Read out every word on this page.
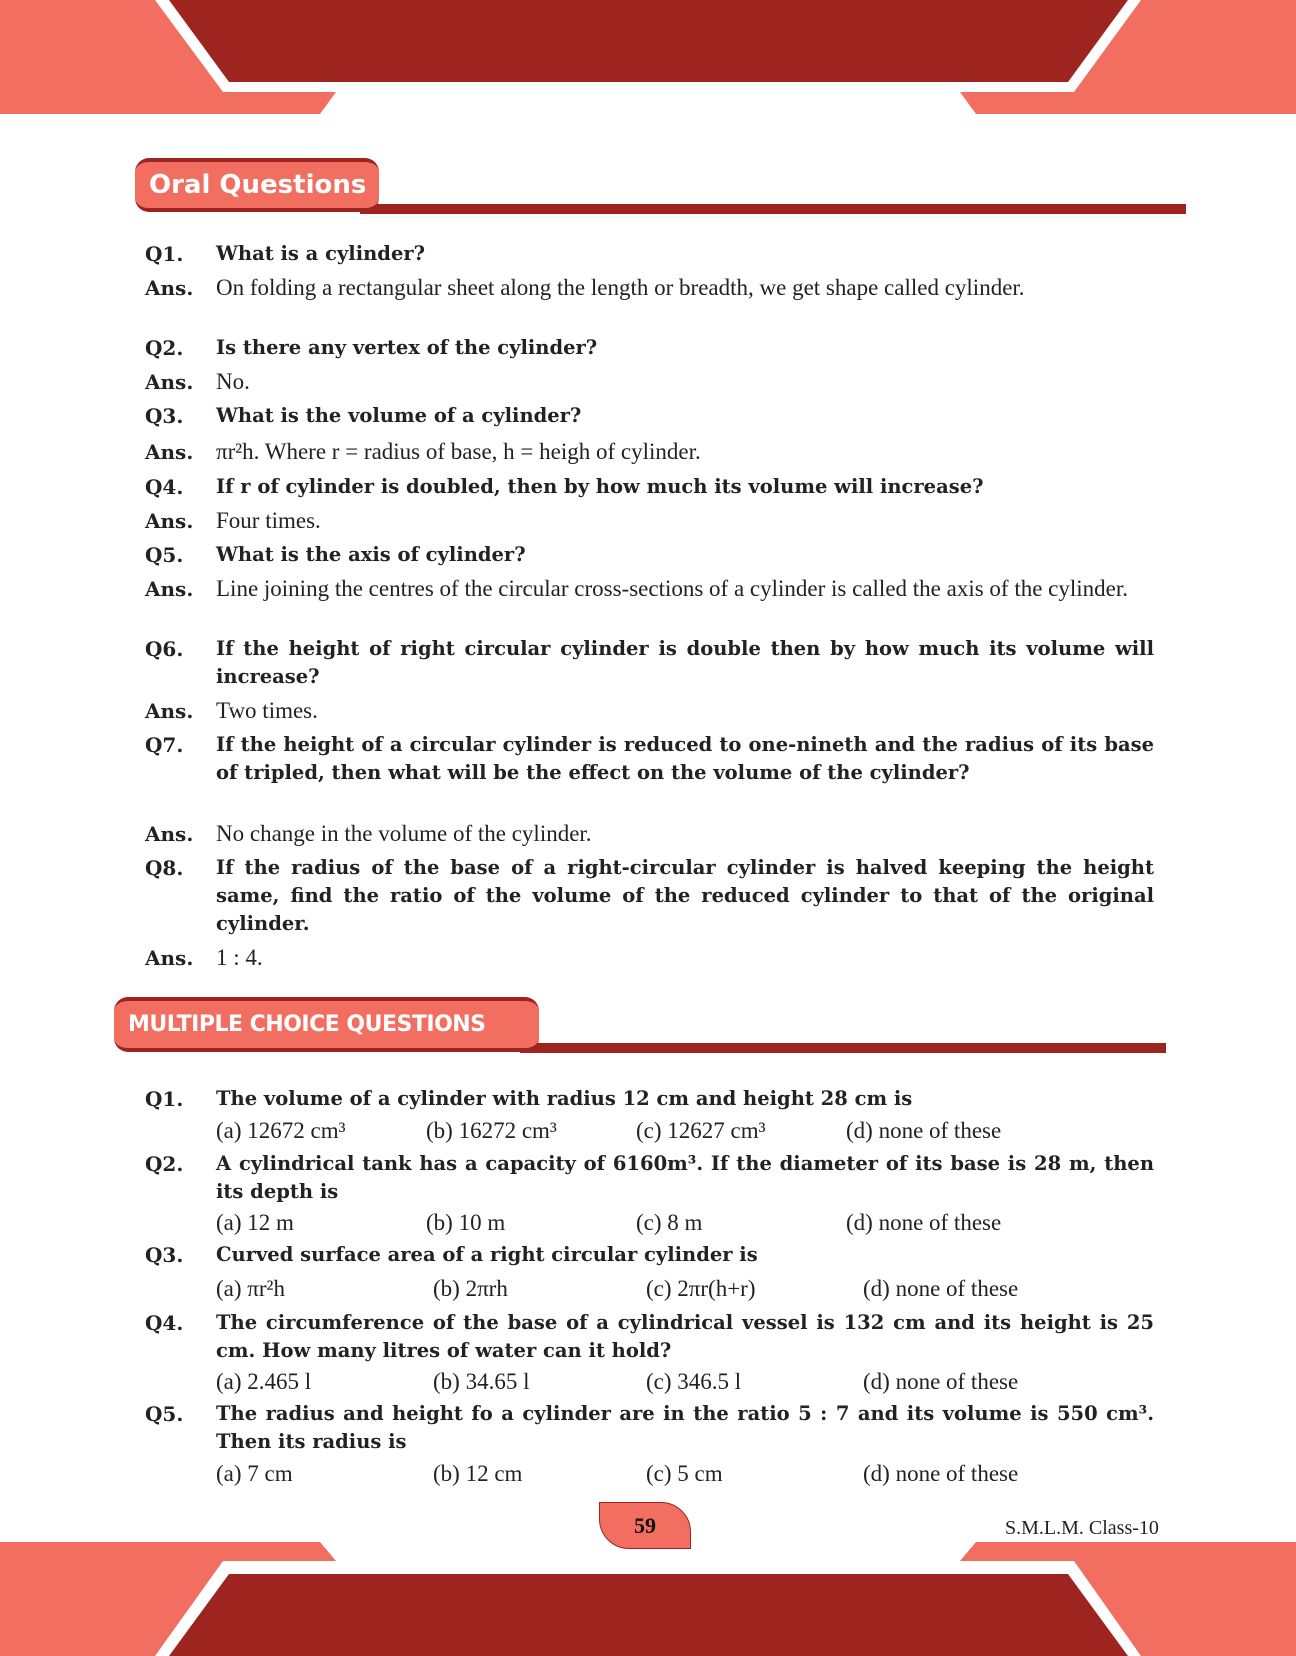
Oral Questions
MULTIPLE CHOICE QUESTIONS
Q1. What is a cylinder?
Ans. On folding a rectangular sheet along the length or breadth, we get shape called cylinder.
Q2. Is there any vertex of the cylinder?
Ans. No.
Q3. What is the volume of a cylinder?
Ans. πr²h. Where r = radius of base, h = heigh of cylinder.
Q4. If r of cylinder is doubled, then by how much its volume will increase?
Ans. Four times.
Q5. What is the axis of cylinder?
Ans. Line joining the centres of the circular cross-sections of a cylinder is called the axis of the cylinder.
Q6. If the height of right circular cylinder is double then by how much its volume will increase?
Ans. Two times.
Q7. If the height of a circular cylinder is reduced to one-nineth and the radius of its base of tripled, then what will be the effect on the volume of the cylinder?
Ans. No change in the volume of the cylinder.
Q8. If the radius of the base of a right-circular cylinder is halved keeping the height same, find the ratio of the volume of the reduced cylinder to that of the original cylinder.
Ans. 1 : 4.
Q1. The volume of a cylinder with radius 12 cm and height 28 cm is
(a) 12672 cm³	(b) 16272 cm³	(c) 12627 cm³	(d) none of these
Q2. A cylindrical tank has a capacity of 6160m³. If the diameter of its base is 28 m, then its depth is
(a) 12 m	(b) 10 m	(c) 8 m	(d) none of these
Q3. Curved surface area of a right circular cylinder is
(a) πr²h	(b) 2πrh	(c) 2πr(h+r)	(d) none of these
Q4. The circumference of the base of a cylindrical vessel is 132 cm and its height is 25 cm. How many litres of water can it hold?
(a) 2.465 l	(b) 34.65 l	(c) 346.5 l	(d) none of these
Q5. The radius and height fo a cylinder are in the ratio 5 : 7 and its volume is 550 cm³. Then its radius is
(a) 7 cm	(b) 12 cm	(c) 5 cm	(d) none of these
59	S.M.L.M. Class-10
